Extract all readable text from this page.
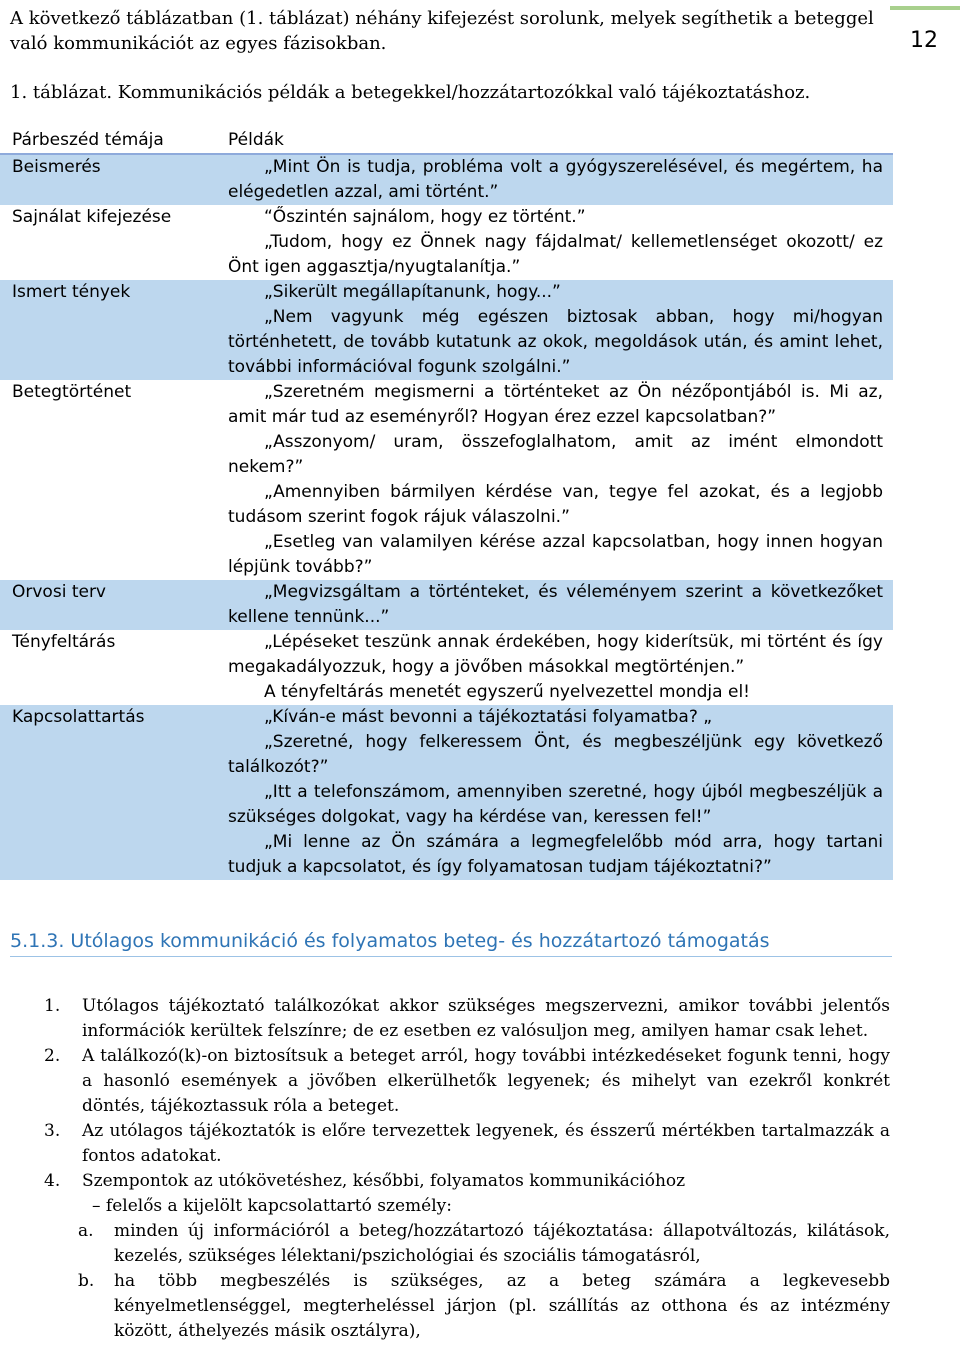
12
A következő táblázatban (1. táblázat) néhány kifejezést sorolunk, melyek segíthetik a beteggel való kommunikációt az egyes fázisokban.
1. táblázat. Kommunikációs példák a betegekkel/hozzátartozókkal való tájékoztatáshoz.
Párbeszéd témája	Példák
Beismerés	„Mint Ön is tudja, probléma volt a gyógyszerelésével, és megértem, ha elégedetlen azzal, ami történt.”

Sajnálat kifejezése	“Őszintén sajnálom, hogy ez történt.”
„Tudom, hogy ez Önnek nagy fájdalmat/ kellemetlenséget okozott/ ez Önt igen aggasztja/nyugtalanítja.”

Ismert tények	„Sikerült megállapítanunk, hogy...”
„Nem vagyunk még egészen biztosak abban, hogy mi/hogyan történhetett, de tovább kutatunk az okok, megoldások után, és amint lehet, további információval fogunk szolgálni.”

Betegtörténet	„Szeretném megismerni a történteket az Ön nézőpontjából is. Mi az, amit már tud az eseményről? Hogyan érez ezzel kapcsolatban?”
„Asszonyom/ uram, összefoglalhatom, amit az imént elmondott nekem?”
„Amennyiben bármilyen kérdése van, tegye fel azokat, és a legjobb tudásom szerint fogok rájuk válaszolni.”
„Esetleg van valamilyen kérése azzal kapcsolatban, hogy innen hogyan lépjünk tovább?”

Orvosi terv	„Megvizsgáltam a történteket, és véleményem szerint a következőket kellene tennünk...”

Tényfeltárás	„Lépéseket teszünk annak érdekében, hogy kiderítsük, mi történt és így megakadályozzuk, hogy a jövőben másokkal megtörténjen.”
A tényfeltárás menetét egyszerű nyelvezettel mondja el!

Kapcsolattartás	„Kíván-e mást bevonni a tájékoztatási folyamatba? „
„Szeretné, hogy felkeressem Önt, és megbeszéljünk egy következő találkozót?”
„Itt a telefonszámom, amennyiben szeretné, hogy újból megbeszéljük a szükséges dolgokat, vagy ha kérdése van, keressen fel!”
„Mi lenne az Ön számára a legmegfelelőbb mód arra, hogy tartani tudjuk a kapcsolatot, és így folyamatosan tudjam tájékoztatni?”
5.1.3. Utólagos kommunikáció és folyamatos beteg- és hozzátartozó támogatás
1. Utólagos tájékoztató találkozókat akkor szükséges megszervezni, amikor további jelentős információk kerültek felszínre; de ez esetben ez valósuljon meg, amilyen hamar csak lehet.
2. A találkozó(k)-on biztosítsuk a beteget arról, hogy további intézkedéseket fogunk tenni, hogy a hasonló események a jövőben elkerülhetők legyenek; és mihelyt van ezekről konkrét döntés, tájékoztassuk róla a beteget.
3. Az utólagos tájékoztatók is előre tervezettek legyenek, és ésszerű mértékben tartalmazzák a fontos adatokat.
4. Szempontok az utókövetéshez, későbbi, folyamatos kommunikációhoz
– felelős a kijelölt kapcsolattartó személy:
a. minden új információról a beteg/hozzátartozó tájékoztatása: állapotváltozás, kilátások, kezelés, szükséges lélektani/pszichológiai és szociális támogatásról,
b. ha több megbeszélés is szükséges, az a beteg számára a legkevesebb kényelmetlenséggel, megterheléssel járjon (pl. szállítás az otthona és az intézmény között, áthelyezés másik osztályra),
